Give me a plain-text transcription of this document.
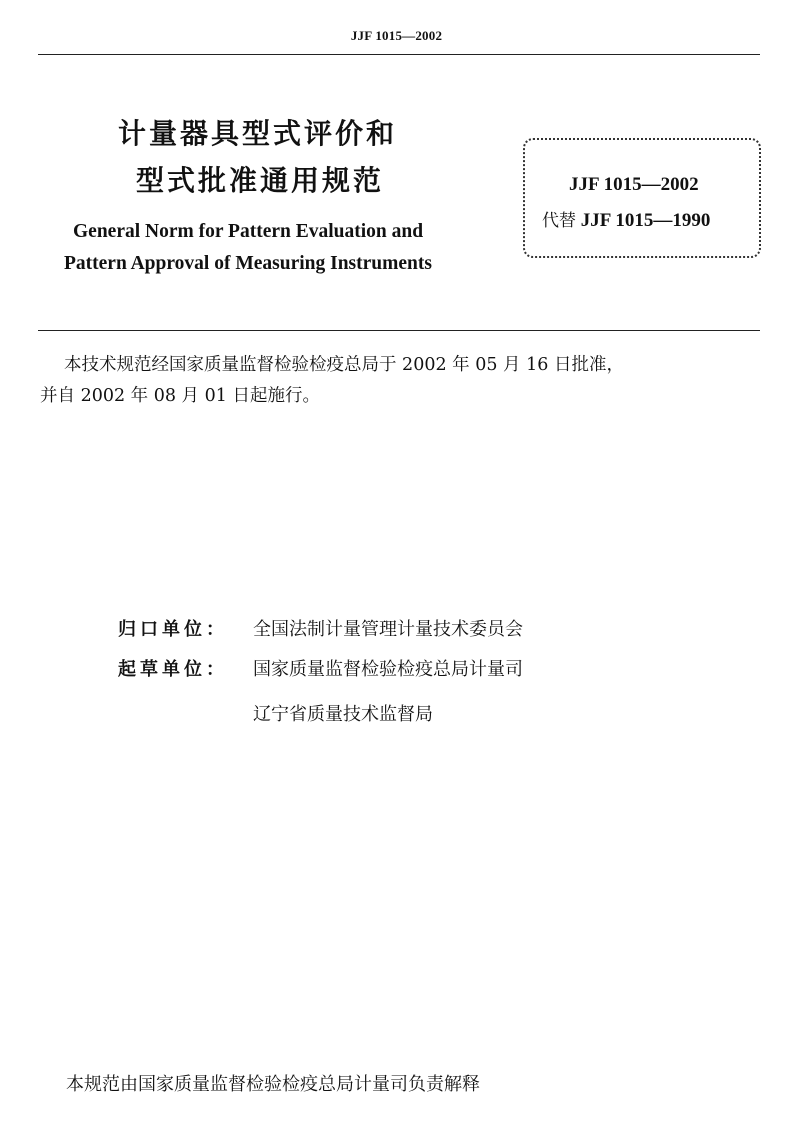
JJF 1015—2002
计量器具型式评价和
型式批准通用规范
General Norm for Pattern Evaluation and
Pattern Approval of Measuring Instruments
JJF 1015—2002
代替 JJF 1015—1990
本技术规范经国家质量监督检验检疫总局于 2002 年 05 月 16 日批准，
并自 2002 年 08 月 01 日起施行。
归口单位： 全国法制计量管理计量技术委员会
起草单位： 国家质量监督检验检疫总局计量司
辽宁省质量技术监督局
本规范由国家质量监督检验检疫总局计量司负责解释
